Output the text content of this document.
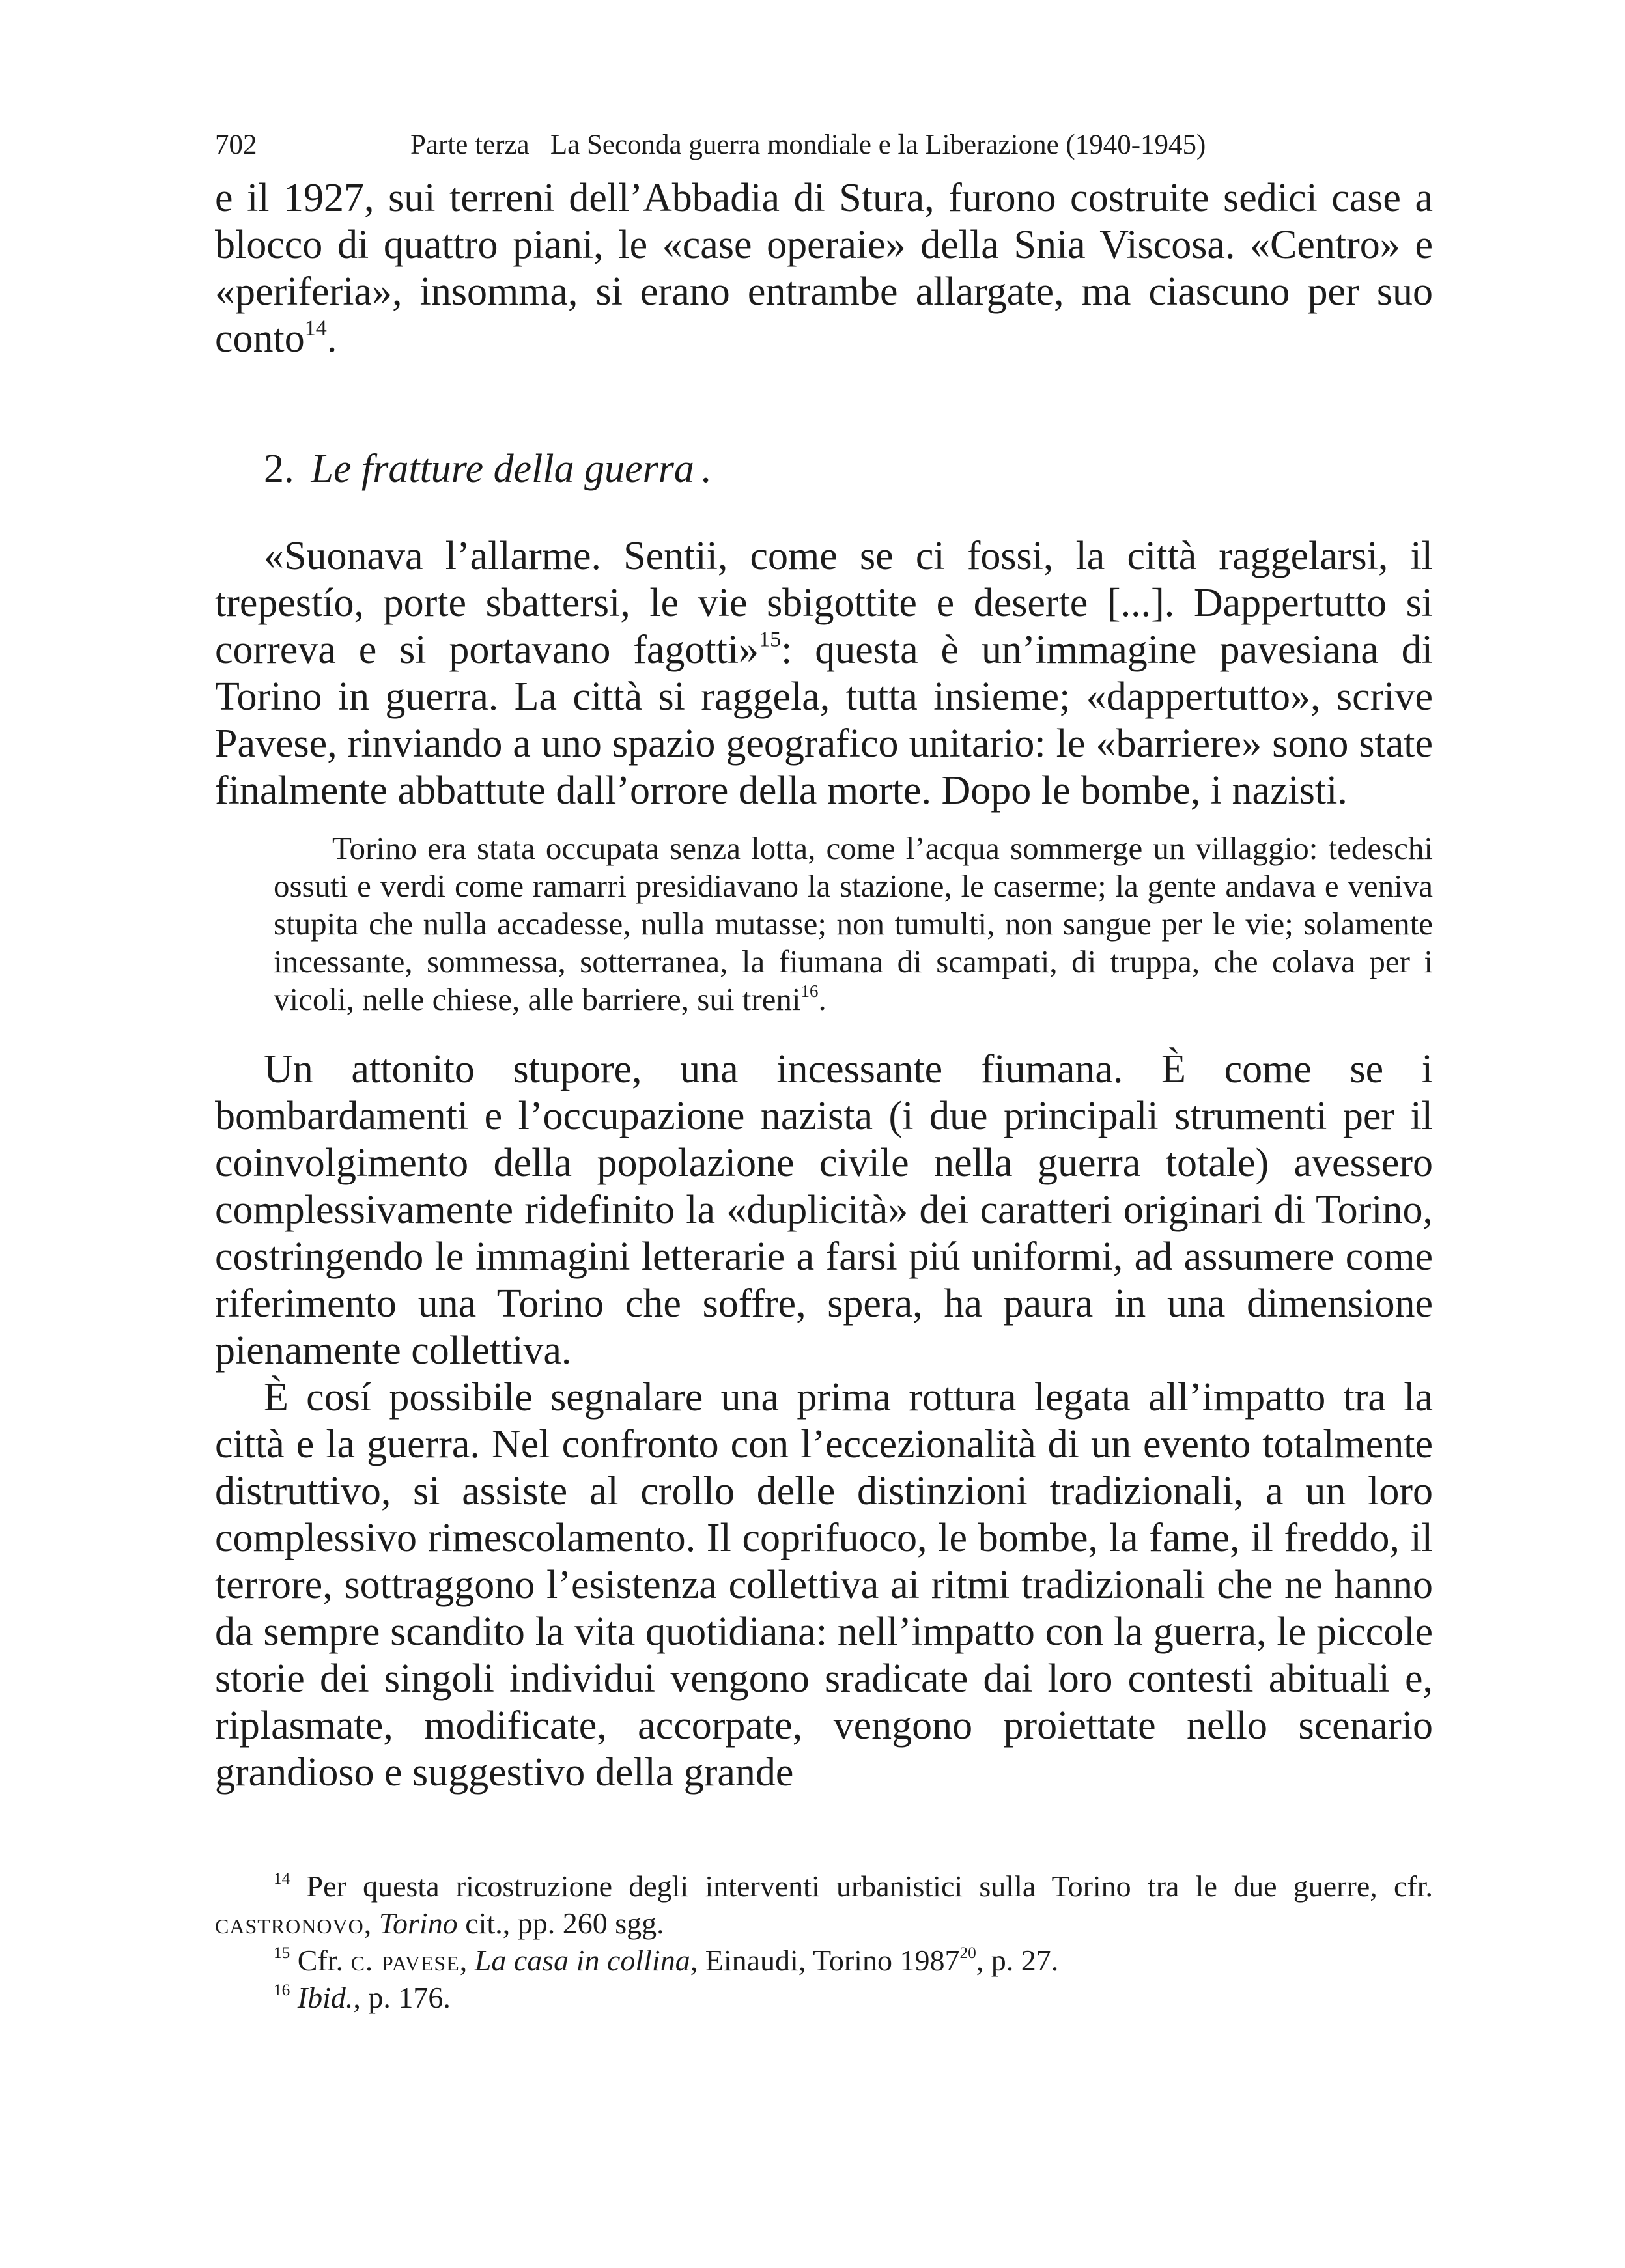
702	Parte terza   La Seconda guerra mondiale e la Liberazione (1940-1945)

e il 1927, sui terreni dell’Abbadia di Stura, furono costruite sedici case a blocco di quattro piani, le «case operaie» della Snia Viscosa. «Centro» e «periferia», insomma, si erano entrambe allargate, ma ciascuno per suo conto$^{14}$.

2. Le fratture della guerra .

«Suonava l’allarme. Sentii, come se ci fossi, la città raggelarsi, il trepestío, porte sbattersi, le vie sbigottite e deserte [...]. Dappertutto si correva e si portavano fagotti»$^{15}$: questa è un’immagine pavesiana di Torino in guerra. La città si raggela, tutta insieme; «dappertutto», scrive Pavese, rinviando a uno spazio geografico unitario: le «barriere» sono state finalmente abbattute dall’orrore della morte. Dopo le bombe, i nazisti.

Torino era stata occupata senza lotta, come l’acqua sommerge un villaggio: tedeschi ossuti e verdi come ramarri presidiavano la stazione, le caserme; la gente andava e veniva stupita che nulla accadesse, nulla mutasse; non tumulti, non sangue per le vie; solamente incessante, sommessa, sotterranea, la fiumana di scampati, di truppa, che colava per i vicoli, nelle chiese, alle barriere, sui treni$^{16}$.

Un attonito stupore, una incessante fiumana. È come se i bombardamenti e l’occupazione nazista (i due principali strumenti per il coinvolgimento della popolazione civile nella guerra totale) avessero complessivamente ridefinito la «duplicità» dei caratteri originari di Torino, costringendo le immagini letterarie a farsi piú uniformi, ad assumere come riferimento una Torino che soffre, spera, ha paura in una dimensione pienamente collettiva.

È cosí possibile segnalare una prima rottura legata all’impatto tra la città e la guerra. Nel confronto con l’eccezionalità di un evento totalmente distruttivo, si assiste al crollo delle distinzioni tradizionali, a un loro complessivo rimescolamento. Il coprifuoco, le bombe, la fame, il freddo, il terrore, sottraggono l’esistenza collettiva ai ritmi tradizionali che ne hanno da sempre scandito la vita quotidiana: nell’impatto con la guerra, le piccole storie dei singoli individui vengono sradicate dai loro contesti abituali e, riplasmate, modificate, accorpate, vengono proiettate nello scenario grandioso e suggestivo della grande

$^{14}$ Per questa ricostruzione degli interventi urbanistici sulla Torino tra le due guerre, cfr. castronovo, Torino cit., pp. 260 sgg.

$^{15}$ Cfr. c. pavese, La casa in collina, Einaudi, Torino 1987$^{20}$, p. 27.

$^{16}$ Ibid., p. 176.
